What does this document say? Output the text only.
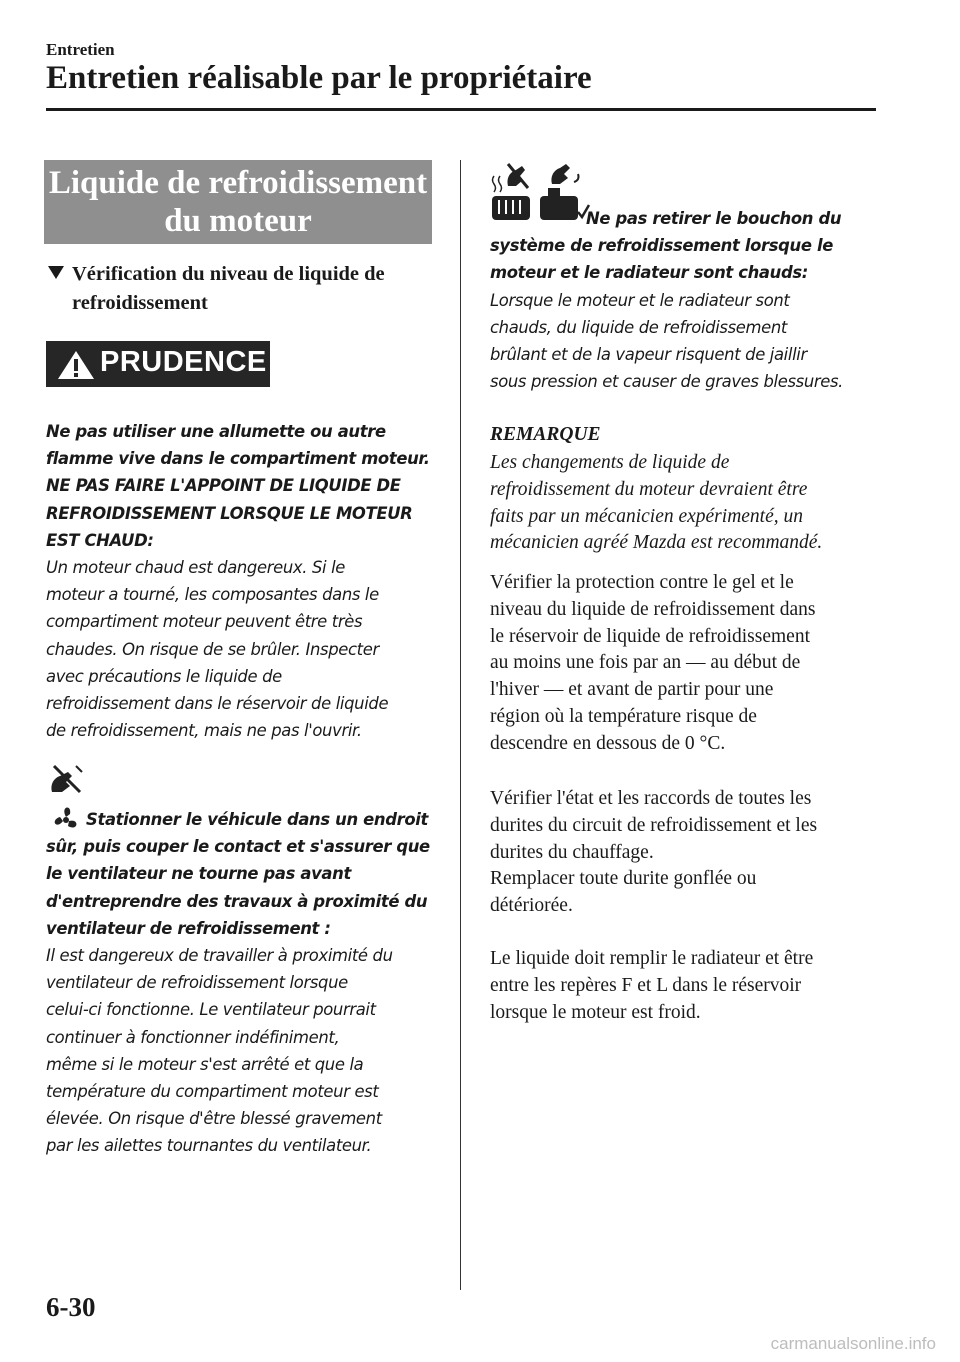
Entretien
Entretien réalisable par le propriétaire
Liquide de refroidissement
du moteur
Vérification du niveau de liquide de
refroidissement
PRUDENCE
Ne pas utiliser une allumette ou autre
flamme vive dans le compartiment moteur.
NE PAS FAIRE L'APPOINT DE LIQUIDE DE
REFROIDISSEMENT LORSQUE LE MOTEUR
EST CHAUD:
Un moteur chaud est dangereux. Si le
moteur a tourné, les composantes dans le
compartiment moteur peuvent être très
chaudes. On risque de se brûler. Inspecter
avec précautions le liquide de
refroidissement dans le réservoir de liquide
de refroidissement, mais ne pas l'ouvrir.
Stationner le véhicule dans un endroit
sûr, puis couper le contact et s'assurer que
le ventilateur ne tourne pas avant
d'entreprendre des travaux à proximité du
ventilateur de refroidissement :
Il est dangereux de travailler à proximité du
ventilateur de refroidissement lorsque
celui-ci fonctionne. Le ventilateur pourrait
continuer à fonctionner indéfiniment,
même si le moteur s'est arrêté et que la
température du compartiment moteur est
élevée. On risque d'être blessé gravement
par les ailettes tournantes du ventilateur.
Ne pas retirer le bouchon du
système de refroidissement lorsque le
moteur et le radiateur sont chauds:
Lorsque le moteur et le radiateur sont
chauds, du liquide de refroidissement
brûlant et de la vapeur risquent de jaillir
sous pression et causer de graves blessures.
REMARQUE
Les changements de liquide de
refroidissement du moteur devraient être
faits par un mécanicien expérimenté, un
mécanicien agréé Mazda est recommandé.
Vérifier la protection contre le gel et le
niveau du liquide de refroidissement dans
le réservoir de liquide de refroidissement
au moins une fois par an — au début de
l'hiver — et avant de partir pour une
région où la température risque de
descendre en dessous de 0 °C.
Vérifier l'état et les raccords de toutes les
durites du circuit de refroidissement et les
durites du chauffage.
Remplacer toute durite gonflée ou
détériorée.
Le liquide doit remplir le radiateur et être
entre les repères F et L dans le réservoir
lorsque le moteur est froid.
6-30
carmanualsonline.info
